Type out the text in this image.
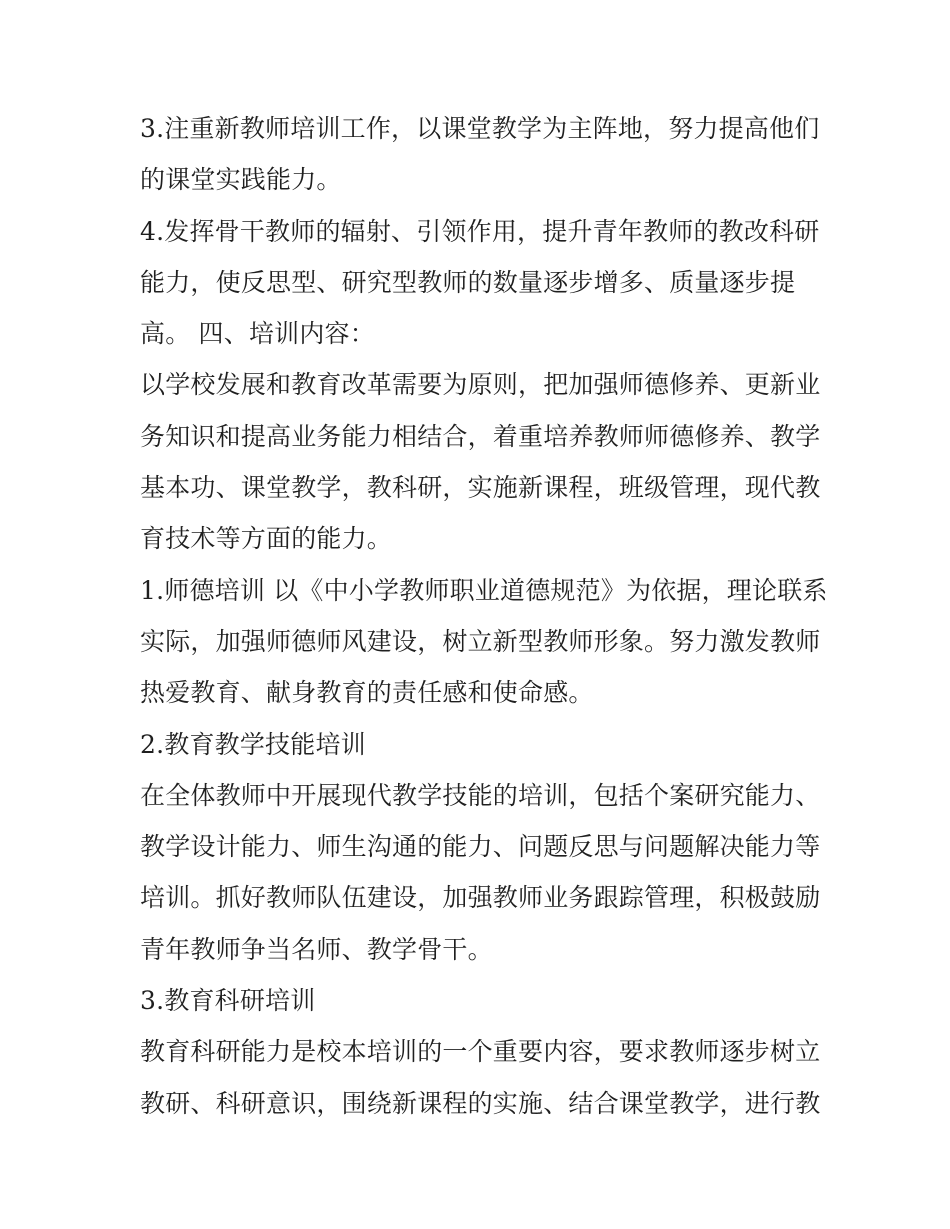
3.注重新教师培训工作，以课堂教学为主阵地，努力提高他们
的课堂实践能力。
4.发挥骨干教师的辐射、引领作用，提升青年教师的教改科研
能力，使反思型、研究型教师的数量逐步增多、质量逐步提
高。 四、培训内容：
以学校发展和教育改革需要为原则，把加强师德修养、更新业
务知识和提高业务能力相结合，着重培养教师师德修养、教学
基本功、课堂教学，教科研，实施新课程，班级管理，现代教
育技术等方面的能力。
1.师德培训 以《中小学教师职业道德规范》为依据，理论联系
实际，加强师德师风建设，树立新型教师形象。努力激发教师
热爱教育、献身教育的责任感和使命感。
2.教育教学技能培训
在全体教师中开展现代教学技能的培训，包括个案研究能力、
教学设计能力、师生沟通的能力、问题反思与问题解决能力等
培训。抓好教师队伍建设，加强教师业务跟踪管理，积极鼓励
青年教师争当名师、教学骨干。
3.教育科研培训
教育科研能力是校本培训的一个重要内容，要求教师逐步树立
教研、科研意识，围绕新课程的实施、结合课堂教学，进行教
